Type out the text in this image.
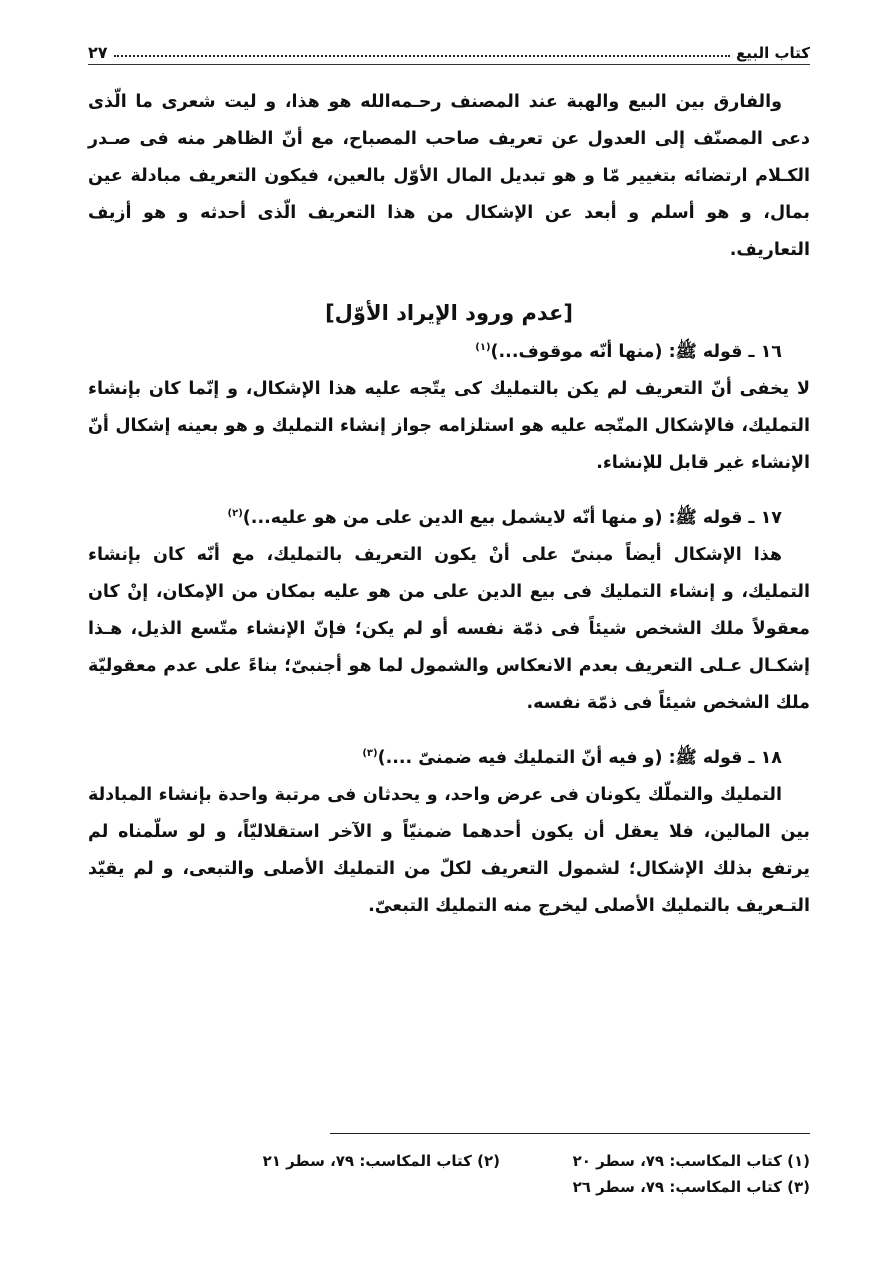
كتاب البيع
٢٧

والفارق بين البيع والهبة عند المصنف رحـمه‌الله هو هذا، و ليت شعرى ما الّذى دعى المصنّف إلى العدول عن تعريف صاحب المصباح، مع أنّ الظاهر منه فى صـدر الكـلام ارتضائه بتغيير مّا و هو تبديل المال الأوّل بالعين، فيكون التعريف مبادلة عين بمال، و هو أسلم و أبعد عن الإشكال من هذا التعريف الّذى أحدثه و هو أزيف التعاريف.

[عدم ورود الإيراد الأوّل]

١٦ ـ قوله ﷺ: (منها أنّه موقوف...)$^{(١)}$

لا يخفى أنّ التعريف لم يكن بالتمليك كى يتّجه عليه هذا الإشكال، و إنّما كان بإنشاء التمليك، فالإشكال المتّجه عليه هو استلزامه جواز إنشاء التمليك و هو بعينه إشكال أنّ الإنشاء غير قابل للإنشاء.

١٧ ـ قوله ﷺ: (و منها أنّه لايشمل بيع الدين على من هو عليه...)$^{(٢)}$

هذا الإشكال أيضاً مبنىّ على أنْ يكون التعريف بالتمليك، مع أنّه كان بإنشاء التمليك، و إنشاء التمليك فى بيع الدين على من هو عليه بمكان من الإمكان، إنْ كان معقولاً ملك الشخص شيئاً فى ذمّة نفسه أو لم يكن؛ فإنّ الإنشاء متّسع الذيل، هـذا إشكـال عـلى التعريف بعدم الانعكاس والشمول لما هو أجنبىّ؛ بناءً على عدم معقوليّة ملك الشخص شيئاً فى ذمّة نفسه.

١٨ ـ قوله ﷺ: (و فيه أنّ التمليك فيه ضمنىّ ....)$^{(٣)}$

التمليك والتملّك يكونان فى عرض واحد، و يحدثان فى مرتبة واحدة بإنشاء المبادلة بين المالين، فلا يعقل أن يكون أحدهما ضمنيّاً و الآخر استقلاليّاً، و لو سلّمناه لم يرتفع بذلك الإشكال؛ لشمول التعريف لكلّ من التمليك الأصلى والتبعى، و لم يقيّد التـعريف بالتمليك الأصلى ليخرج منه التمليك التبعىّ.

(١) كتاب المكاسب: ٧٩، سطر ٢٠
(٢) كتاب المكاسب: ٧٩، سطر ٢١
(٣) كتاب المكاسب: ٧٩، سطر ٢٦
